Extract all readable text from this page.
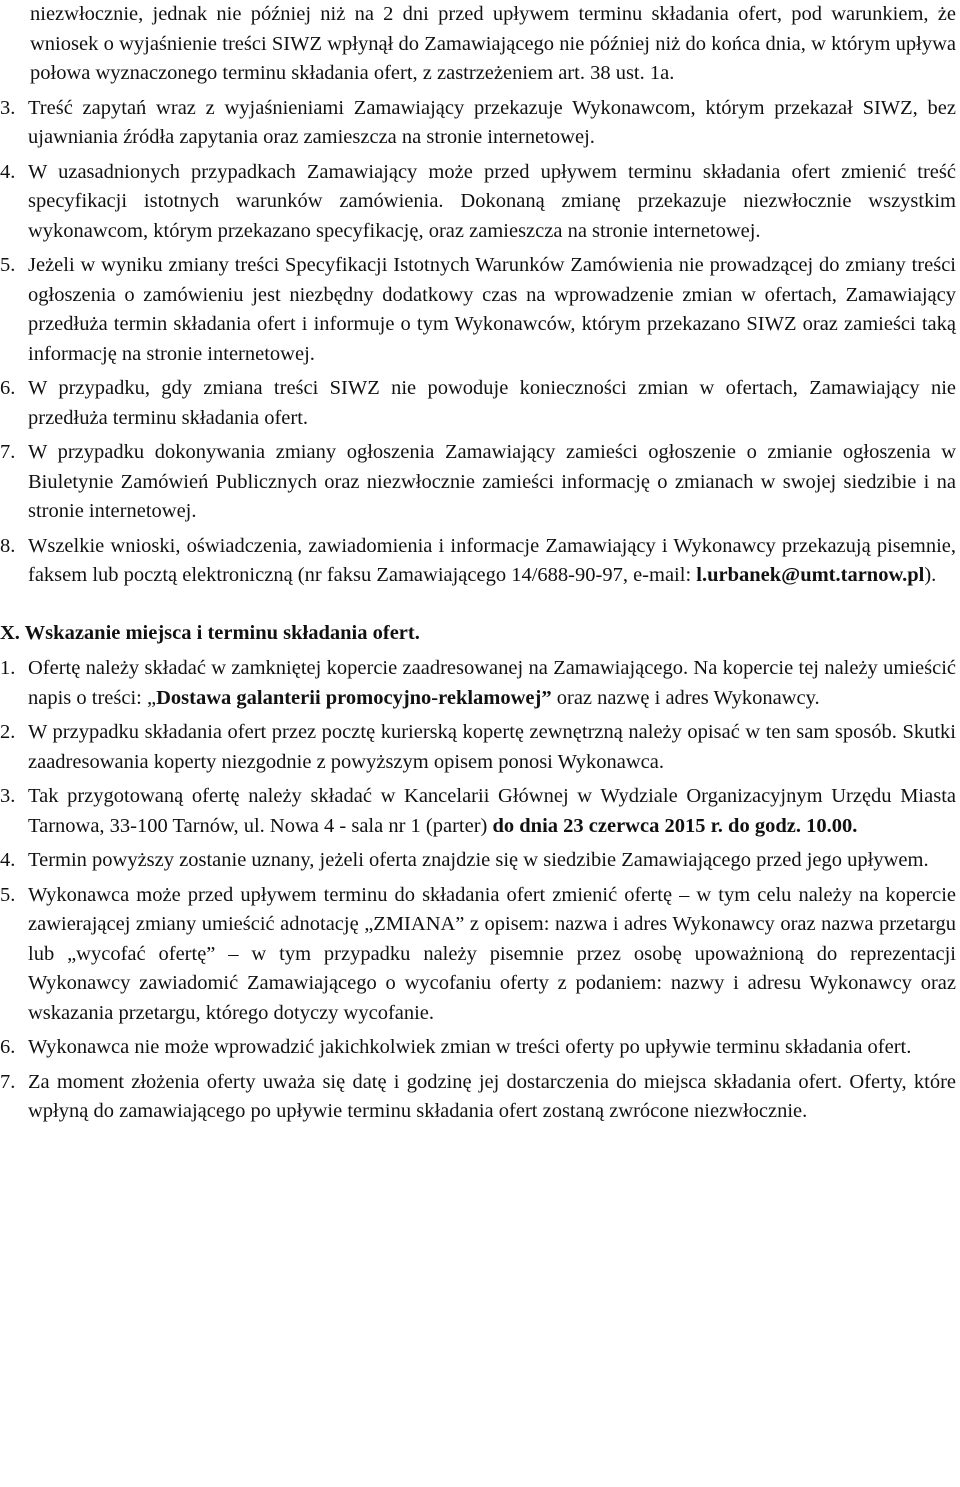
niezwłocznie, jednak nie później niż na 2 dni przed upływem terminu składania ofert, pod warunkiem, że wniosek o wyjaśnienie treści SIWZ wpłynął do Zamawiającego nie później niż do końca dnia, w którym upływa połowa wyznaczonego terminu składania ofert, z zastrzeżeniem art. 38 ust. 1a.

3. Treść zapytań wraz z wyjaśnieniami Zamawiający przekazuje Wykonawcom, którym przekazał SIWZ, bez ujawniania źródła zapytania oraz zamieszcza na stronie internetowej.

4. W uzasadnionych przypadkach Zamawiający może przed upływem terminu składania ofert zmienić treść specyfikacji istotnych warunków zamówienia. Dokonaną zmianę przekazuje niezwłocznie wszystkim wykonawcom, którym przekazano specyfikację, oraz zamieszcza na stronie internetowej.

5. Jeżeli w wyniku zmiany treści Specyfikacji Istotnych Warunków Zamówienia nie prowadzącej do zmiany treści ogłoszenia o zamówieniu jest niezbędny dodatkowy czas na wprowadzenie zmian w ofertach, Zamawiający przedłuża termin składania ofert i informuje o tym Wykonawców, którym przekazano SIWZ oraz zamieści taką informację na stronie internetowej.

6. W przypadku, gdy zmiana treści SIWZ nie powoduje konieczności zmian w ofertach, Zamawiający nie przedłuża terminu składania ofert.

7. W przypadku dokonywania zmiany ogłoszenia Zamawiający zamieści ogłoszenie o zmianie ogłoszenia w Biuletynie Zamówień Publicznych oraz niezwłocznie zamieści informację o zmianach w swojej siedzibie i na stronie internetowej.

8. Wszelkie wnioski, oświadczenia, zawiadomienia i informacje Zamawiający i Wykonawcy przekazują pisemnie, faksem lub pocztą elektroniczną (nr faksu Zamawiającego 14/688-90-97, e-mail: l.urbanek@umt.tarnow.pl).

X. Wskazanie miejsca i terminu składania ofert.

1. Ofertę należy składać w zamkniętej kopercie zaadresowanej na Zamawiającego. Na kopercie tej należy umieścić napis o treści: „Dostawa galanterii promocyjno-reklamowej” oraz nazwę i adres Wykonawcy.

2. W przypadku składania ofert przez pocztę kurierską kopertę zewnętrzną należy opisać w ten sam sposób. Skutki zaadresowania koperty niezgodnie z powyższym opisem ponosi Wykonawca.

3. Tak przygotowaną ofertę należy składać w Kancelarii Głównej w Wydziale Organizacyjnym Urzędu Miasta Tarnowa, 33-100 Tarnów, ul. Nowa 4 - sala nr 1 (parter) do dnia 23 czerwca 2015 r. do godz. 10.00.

4. Termin powyższy zostanie uznany, jeżeli oferta znajdzie się w siedzibie Zamawiającego przed jego upływem.

5. Wykonawca może przed upływem terminu do składania ofert zmienić ofertę – w tym celu należy na kopercie zawierającej zmiany umieścić adnotację „ZMIANA” z opisem: nazwa i adres Wykonawcy oraz nazwa przetargu lub „wycofać ofertę” – w tym przypadku należy pisemnie przez osobę upoważnioną do reprezentacji Wykonawcy zawiadomić Zamawiającego o wycofaniu oferty z podaniem: nazwy i adresu Wykonawcy oraz wskazania przetargu, którego dotyczy wycofanie.

6. Wykonawca nie może wprowadzić jakichkolwiek zmian w treści oferty po upływie terminu składania ofert.

7. Za moment złożenia oferty uważa się datę i godzinę jej dostarczenia do miejsca składania ofert. Oferty, które wpłyną do zamawiającego po upływie terminu składania ofert zostaną zwrócone niezwłocznie.
